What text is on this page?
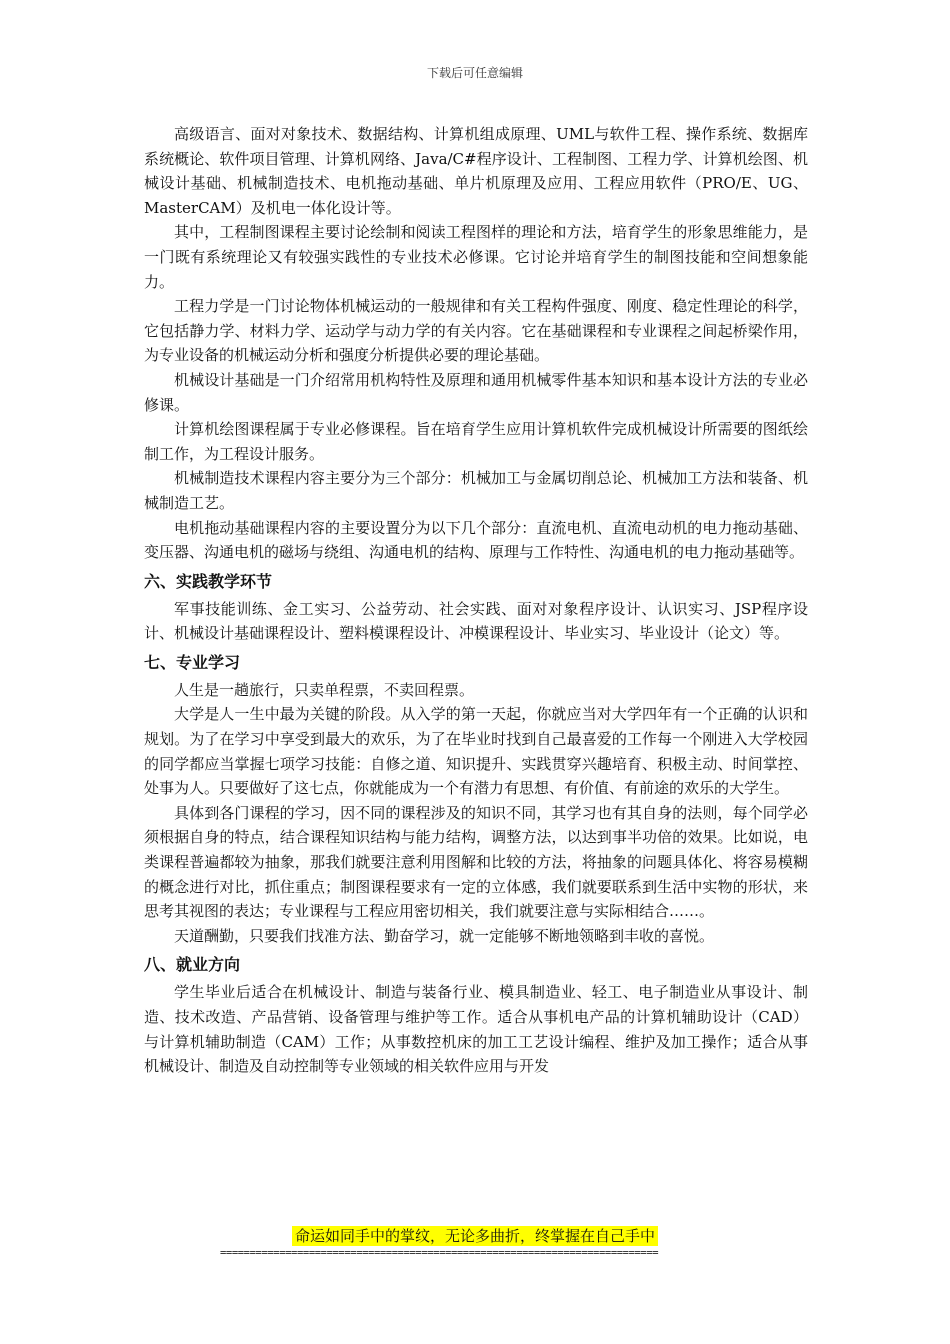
下载后可任意编辑

高级语言、面对对象技术、数据结构、计算机组成原理、UML与软件工程、操作系统、数据库系统概论、软件项目管理、计算机网络、Java/C#程序设计、工程制图、工程力学、计算机绘图、机械设计基础、机械制造技术、电机拖动基础、单片机原理及应用、工程应用软件（PRO/E、UG、MasterCAM）及机电一体化设计等。

其中，工程制图课程主要讨论绘制和阅读工程图样的理论和方法，培育学生的形象思维能力，是一门既有系统理论又有较强实践性的专业技术必修课。它讨论并培育学生的制图技能和空间想象能力。

工程力学是一门讨论物体机械运动的一般规律和有关工程构件强度、刚度、稳定性理论的科学，它包括静力学、材料力学、运动学与动力学的有关内容。它在基础课程和专业课程之间起桥梁作用，为专业设备的机械运动分析和强度分析提供必要的理论基础。

机械设计基础是一门介绍常用机构特性及原理和通用机械零件基本知识和基本设计方法的专业必修课。

计算机绘图课程属于专业必修课程。旨在培育学生应用计算机软件完成机械设计所需要的图纸绘制工作，为工程设计服务。

机械制造技术课程内容主要分为三个部分：机械加工与金属切削总论、机械加工方法和装备、机械制造工艺。

电机拖动基础课程内容的主要设置分为以下几个部分：直流电机、直流电动机的电力拖动基础、变压器、沟通电机的磁场与绕组、沟通电机的结构、原理与工作特性、沟通电机的电力拖动基础等。

六、实践教学环节

军事技能训练、金工实习、公益劳动、社会实践、面对对象程序设计、认识实习、JSP程序设计、机械设计基础课程设计、塑料模课程设计、冲模课程设计、毕业实习、毕业设计（论文）等。

七、专业学习

人生是一趟旅行，只卖单程票，不卖回程票。

大学是人一生中最为关键的阶段。从入学的第一天起，你就应当对大学四年有一个正确的认识和规划。为了在学习中享受到最大的欢乐，为了在毕业时找到自己最喜爱的工作每一个刚进入大学校园的同学都应当掌握七项学习技能：自修之道、知识提升、实践贯穿兴趣培育、积极主动、时间掌控、处事为人。只要做好了这七点，你就能成为一个有潜力有思想、有价值、有前途的欢乐的大学生。

具体到各门课程的学习，因不同的课程涉及的知识不同，其学习也有其自身的法则，每个同学必须根据自身的特点，结合课程知识结构与能力结构，调整方法，以达到事半功倍的效果。比如说，电类课程普遍都较为抽象，那我们就要注意利用图解和比较的方法，将抽象的问题具体化、将容易模糊的概念进行对比，抓住重点；制图课程要求有一定的立体感，我们就要联系到生活中实物的形状，来思考其视图的表达；专业课程与工程应用密切相关，我们就要注意与实际相结合……。

天道酬勤，只要我们找准方法、勤奋学习，就一定能够不断地领略到丰收的喜悦。

八、就业方向

学生毕业后适合在机械设计、制造与装备行业、模具制造业、轻工、电子制造业从事设计、制造、技术改造、产品营销、设备管理与维护等工作。适合从事机电产品的计算机辅助设计（CAD）与计算机辅助制造（CAM）工作；从事数控机床的加工工艺设计编程、维护及加工操作；适合从事机械设计、制造及自动控制等专业领域的相关软件应用与开发

命运如同手中的掌纹，无论多曲折，终掌握在自己手中
==========================================================================
